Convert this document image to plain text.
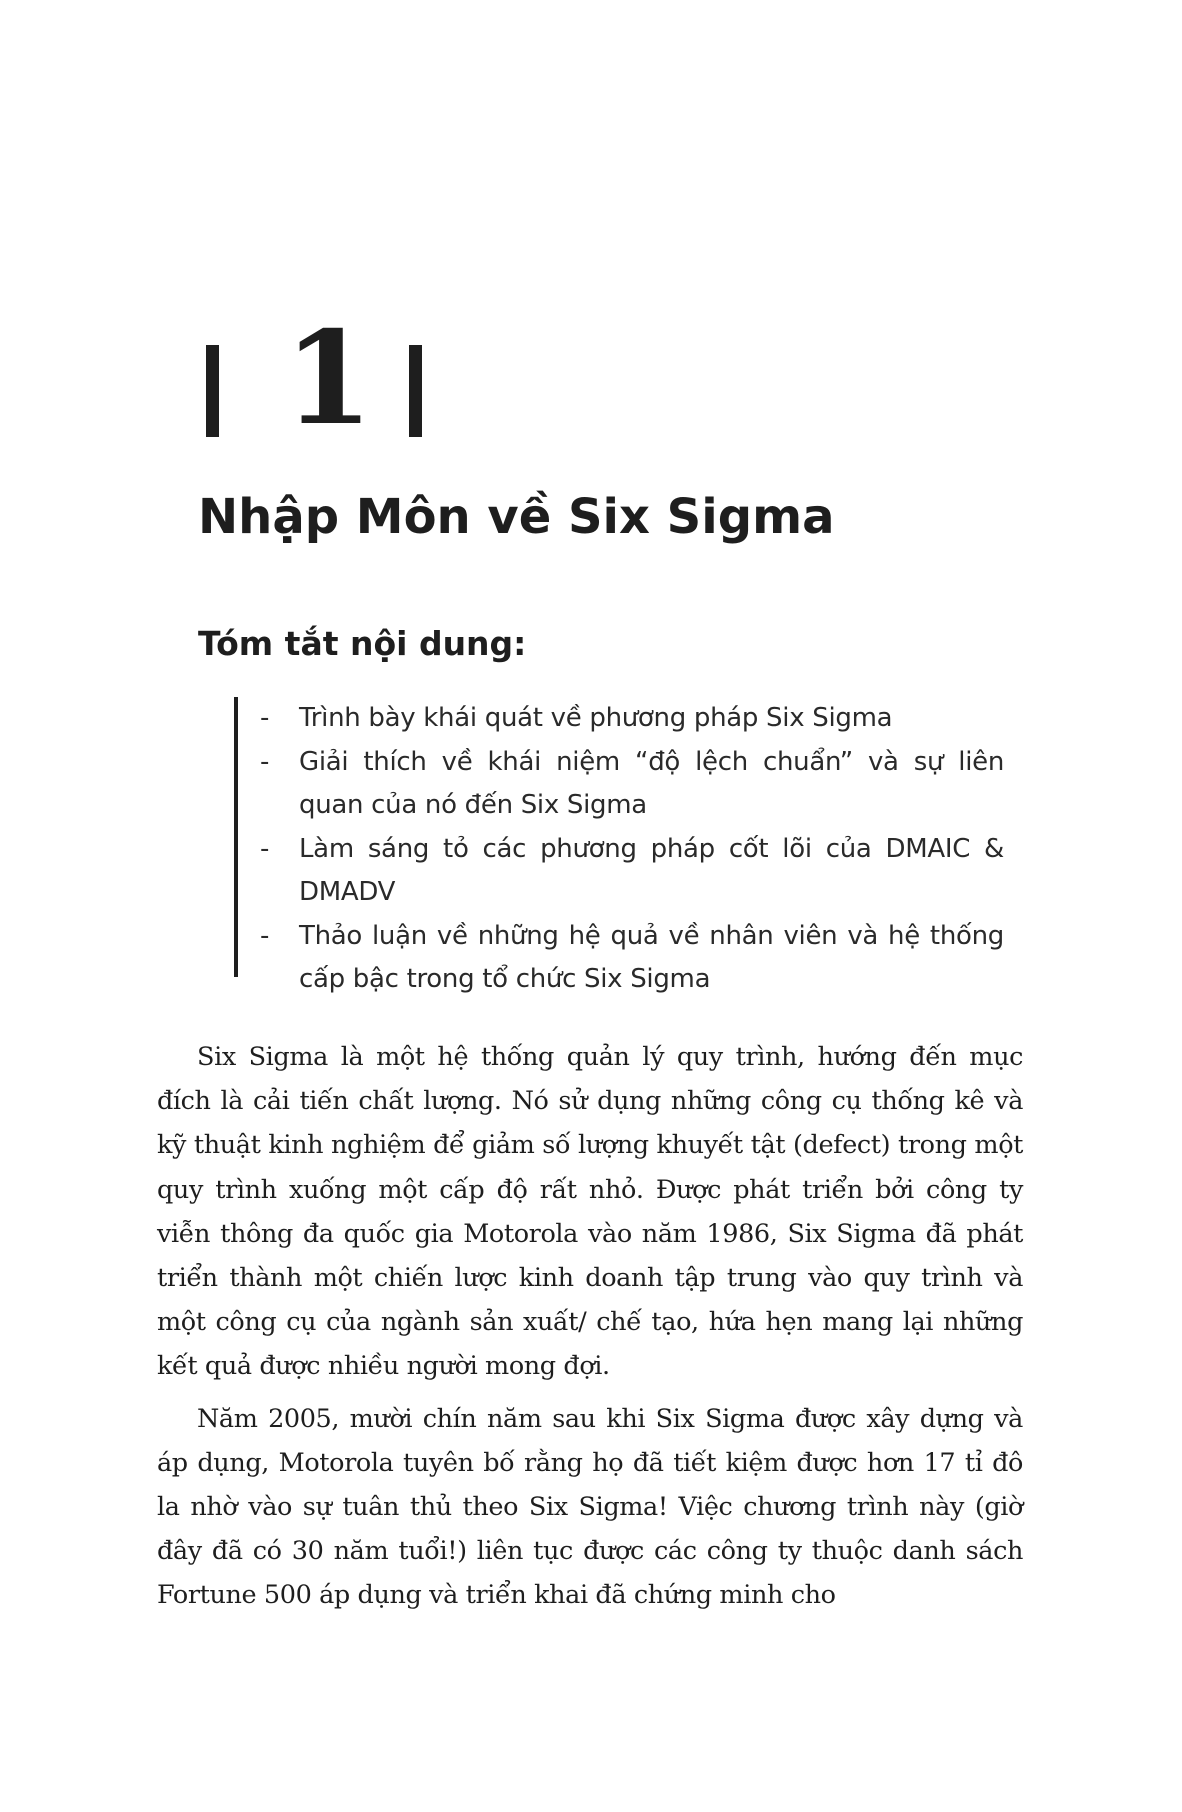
1
Nhập Môn về Six Sigma
Tóm tắt nội dung:
- Trình bày khái quát về phương pháp Six Sigma
- Giải thích về khái niệm “độ lệch chuẩn” và sự liên quan của nó đến Six Sigma
- Làm sáng tỏ các phương pháp cốt lõi của DMAIC & DMADV
- Thảo luận về những hệ quả về nhân viên và hệ thống cấp bậc trong tổ chức Six Sigma

Six Sigma là một hệ thống quản lý quy trình, hướng đến mục đích là cải tiến chất lượng. Nó sử dụng những công cụ thống kê và kỹ thuật kinh nghiệm để giảm số lượng khuyết tật (defect) trong một quy trình xuống một cấp độ rất nhỏ. Được phát triển bởi công ty viễn thông đa quốc gia Motorola vào năm 1986, Six Sigma đã phát triển thành một chiến lược kinh doanh tập trung vào quy trình và một công cụ của ngành sản xuất/ chế tạo, hứa hẹn mang lại những kết quả được nhiều người mong đợi.

Năm 2005, mười chín năm sau khi Six Sigma được xây dựng và áp dụng, Motorola tuyên bố rằng họ đã tiết kiệm được hơn 17 tỉ đô la nhờ vào sự tuân thủ theo Six Sigma! Việc chương trình này (giờ đây đã có 30 năm tuổi!) liên tục được các công ty thuộc danh sách Fortune 500 áp dụng và triển khai đã chứng minh cho
